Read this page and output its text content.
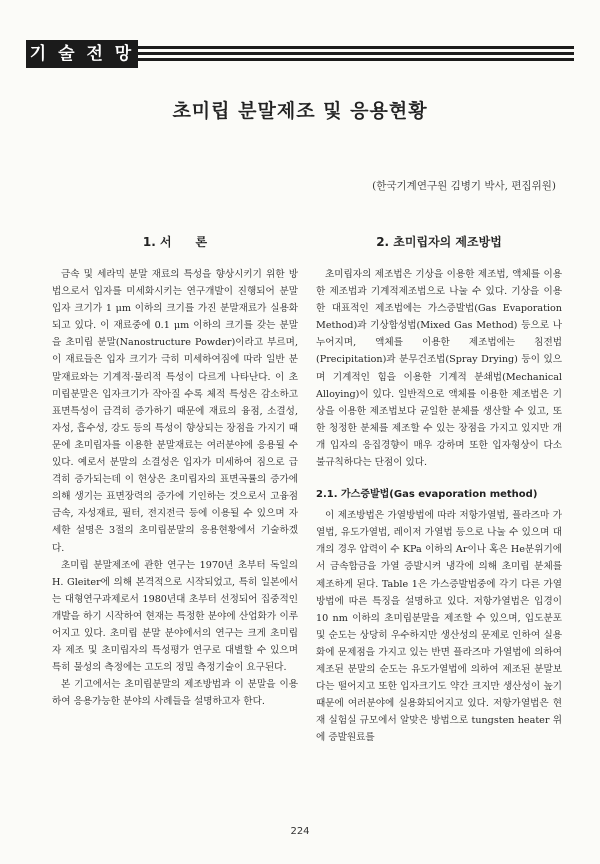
기 술 전 망
초미립 분말제조 및 응용현황
(한국기계연구원 김병기 박사, 편집위원)
1. 서　　론

금속 및 세라믹 분말 재료의 특성을 향상시키기 위한 방법으로서 입자를 미세화시키는 연구개발이 진행되어 분말 입자 크기가 1 μm 이하의 크기를 가진 분말재료가 실용화되고 있다. 이 재료중에 0.1 μm 이하의 크기를 갖는 분말을 초미립 분말(Nanostructure Powder)이라고 부르며, 이 재료들은 입자 크기가 극히 미세하여짐에 따라 일반 분말재료와는 기계적·물리적 특성이 다르게 나타난다. 이 초미립분말은 입자크기가 작아질 수록 체적 특성은 감소하고 표면특성이 급격히 증가하기 때문에 재료의 융점, 소결성, 자성, 흡수성, 강도 등의 특성이 향상되는 장점을 가지기 때문에 초미립자를 이용한 분말재료는 여러분야에 응용될 수 있다. 예로서 분말의 소결성은 입자가 미세하여 짐으로 급격히 증가되는데 이 현상은 초미립자의 표면곡률의 증가에 의해 생기는 표면장력의 증가에 기인하는 것으로서 고융점금속, 자성재료, 필터, 전지전극 등에 이용될 수 있으며 자세한 설명은 3절의 초미립분말의 응용현황에서 기술하겠다.

초미립 분말제조에 관한 연구는 1970년 초부터 독일의 H. Gleiter에 의해 본격적으로 시작되었고, 특히 일본에서는 대형연구과제로서 1980년대 초부터 선정되어 집중적인 개발을 하기 시작하여 현재는 특정한 분야에 산업화가 이루어지고 있다. 초미립 분말 분야에서의 연구는 크게 초미립자 제조 및 초미립자의 특성평가 연구로 대별할 수 있으며 특히 물성의 측정에는 고도의 정밀 측정기술이 요구된다.

본 기고에서는 초미립분말의 제조방법과 이 분말을 이용하여 응용가능한 분야의 사례들을 설명하고자 한다.

2. 초미립자의 제조방법

초미립자의 제조법은 기상을 이용한 제조법, 액체를 이용한 제조법과 기계적제조법으로 나눌 수 있다. 기상을 이용한 대표적인 제조법에는 가스증발법(Gas Evaporation Method)과 기상합성법(Mixed Gas Method) 등으로 나누어지며, 액체를 이용한 제조법에는 침전법(Precipitation)과 분무건조법(Spray Drying) 등이 있으며 기계적인 힘을 이용한 기계적 분쇄법(Mechanical Alloying)이 있다. 일반적으로 액체를 이용한 제조법은 기상을 이용한 제조법보다 균일한 분체를 생산할 수 있고, 또한 청정한 분체를 제조할 수 있는 장점을 가지고 있지만 개개 입자의 응집경향이 매우 강하며 또한 입자형상이 다소 불규칙하다는 단점이 있다.

2.1. 가스증발법(Gas evaporation method)

이 제조방법은 가열방법에 따라 저항가열법, 플라즈마 가열법, 유도가열법, 레이저 가열법 등으로 나눌 수 있으며 대개의 경우 압력이 수 KPa 이하의 Ar이나 혹은 He분위기에서 금속합금을 가열 증발시켜 냉각에 의해 초미립 분체를 제조하게 된다. Table 1은 가스증발법중에 각기 다른 가열방법에 따른 특징을 설명하고 있다. 저항가열법은 입경이 10 nm 이하의 초미립분말을 제조할 수 있으며, 입도분포 및 순도는 상당히 우수하지만 생산성의 문제로 인하여 실용화에 문제점을 가지고 있는 반면 플라즈마 가열법에 의하여 제조된 분말의 순도는 유도가열법에 의하여 제조된 분말보다는 떨어지고 또한 입자크기도 약간 크지만 생산성이 높기 때문에 여러분야에 실용화되어지고 있다. 저항가열법은 현재 실험실 규모에서 알맞은 방법으로 tungsten heater 위에 증발원료를

224
